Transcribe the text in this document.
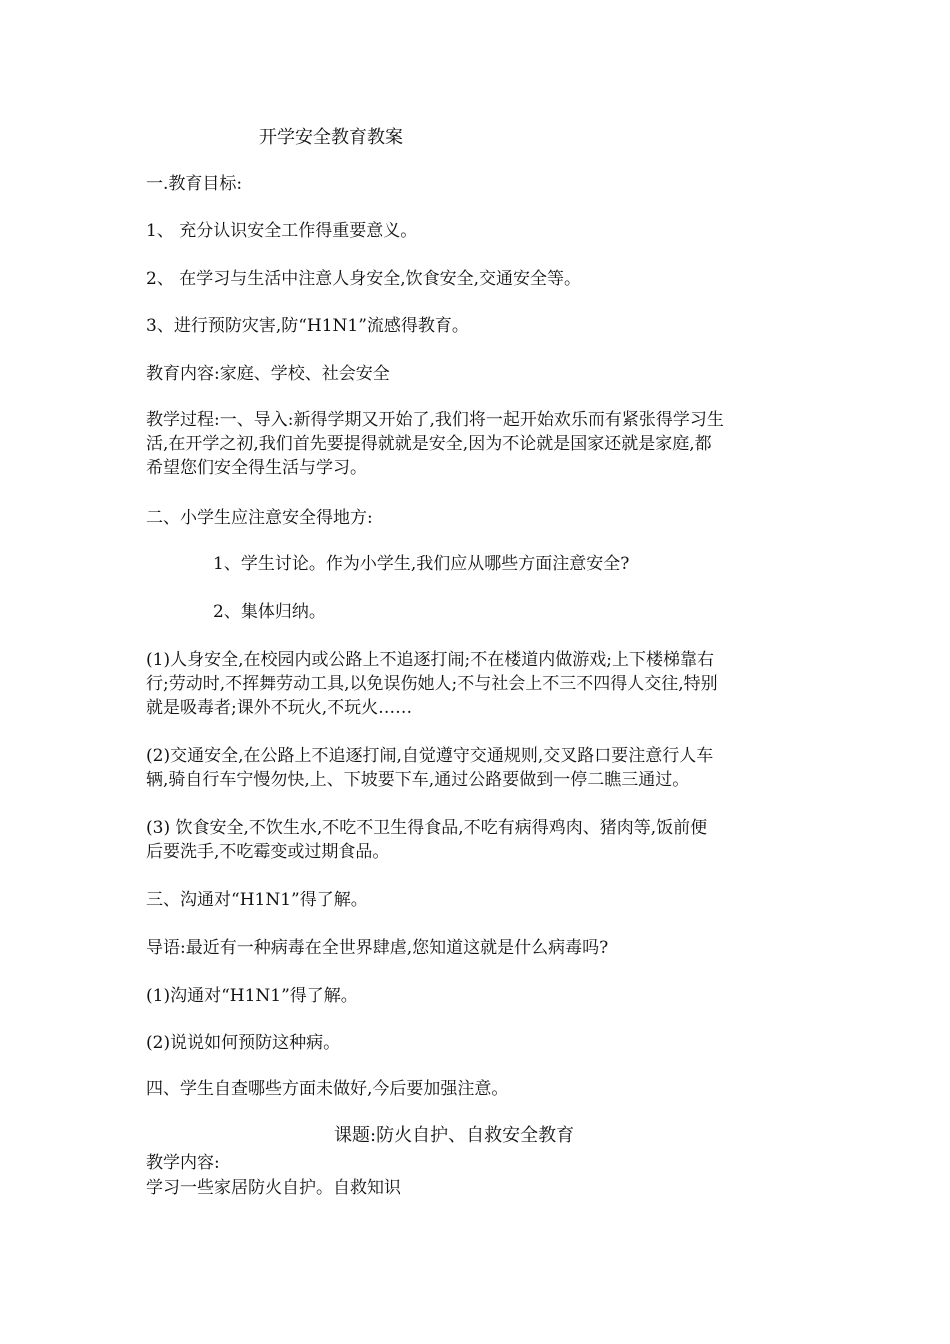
开学安全教育教案

一.教育目标:

1、 充分认识安全工作得重要意义。

2、 在学习与生活中注意人身安全,饮食安全,交通安全等。

3、进行预防灾害,防“H1N1”流感得教育。

教育内容:家庭、学校、社会安全

教学过程:一、导入:新得学期又开始了,我们将一起开始欢乐而有紧张得学习生
活,在开学之初,我们首先要提得就就是安全,因为不论就是国家还就是家庭,都
希望您们安全得生活与学习。

二、小学生应注意安全得地方:

1、学生讨论。作为小学生,我们应从哪些方面注意安全?

2、集体归纳。

(1)人身安全,在校园内或公路上不追逐打闹;不在楼道内做游戏;上下楼梯靠右
行;劳动时,不挥舞劳动工具,以免误伤她人;不与社会上不三不四得人交往,特别
就是吸毒者;课外不玩火,不玩火……
(2)交通安全,在公路上不追逐打闹,自觉遵守交通规则,交叉路口要注意行人车
辆,骑自行车宁慢勿快,上、下坡要下车,通过公路要做到一停二瞧三通过。
(3) 饮食安全,不饮生水,不吃不卫生得食品,不吃有病得鸡肉、猪肉等,饭前便
后要洗手,不吃霉变或过期食品。

三、沟通对“H1N1”得了解。

导语:最近有一种病毒在全世界肆虐,您知道这就是什么病毒吗?

(1)沟通对“H1N1”得了解。

(2)说说如何预防这种病。

四、学生自查哪些方面未做好,今后要加强注意。

课题:防火自护、自救安全教育

教学内容:

学习一些家居防火自护。自救知识
